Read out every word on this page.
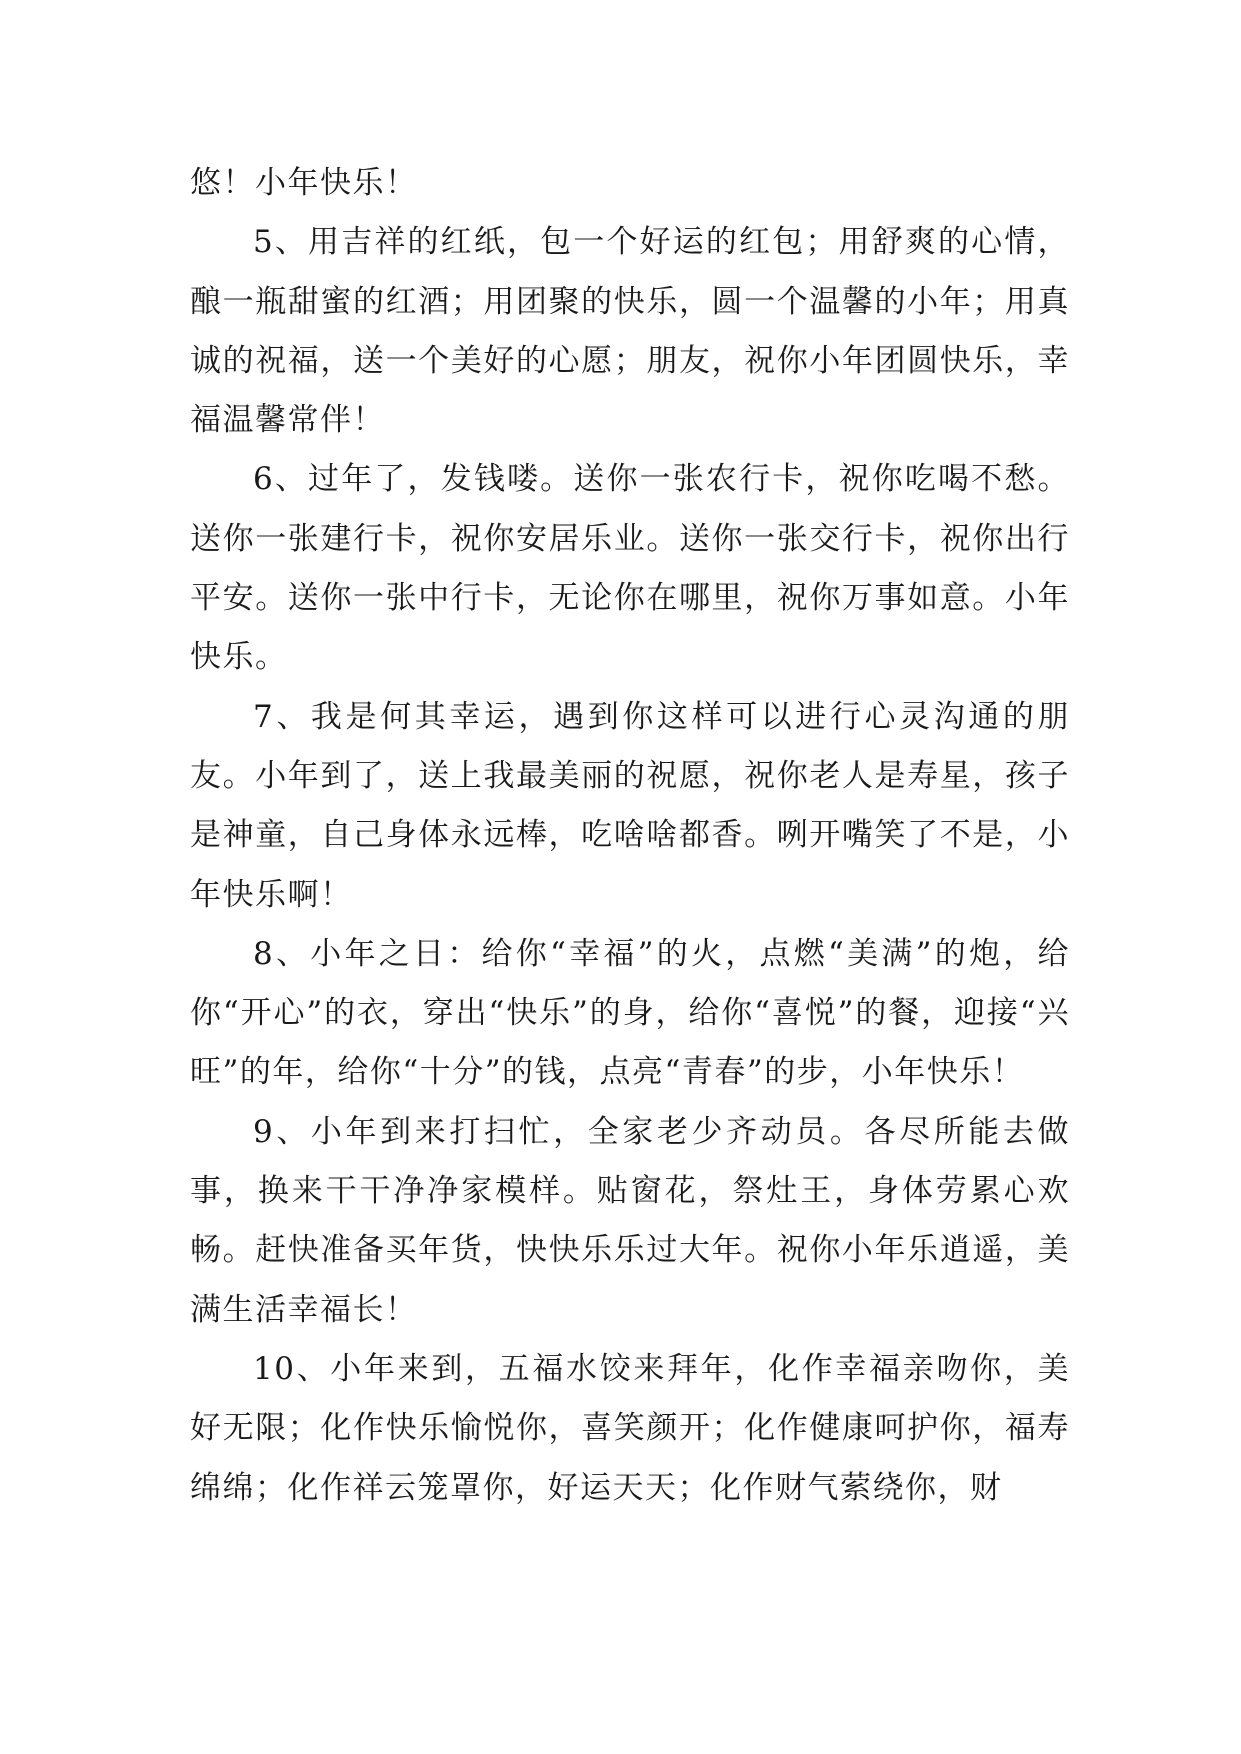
悠！小年快乐！

5、用吉祥的红纸，包一个好运的红包；用舒爽的心情，酿一瓶甜蜜的红酒；用团聚的快乐，圆一个温馨的小年；用真诚的祝福，送一个美好的心愿；朋友，祝你小年团圆快乐，幸福温馨常伴！

6、过年了，发钱喽。送你一张农行卡，祝你吃喝不愁。送你一张建行卡，祝你安居乐业。送你一张交行卡，祝你出行平安。送你一张中行卡，无论你在哪里，祝你万事如意。小年快乐。

7、我是何其幸运，遇到你这样可以进行心灵沟通的朋友。小年到了，送上我最美丽的祝愿，祝你老人是寿星，孩子是神童，自己身体永远棒，吃啥啥都香。咧开嘴笑了不是，小年快乐啊！

8、小年之日：给你“幸福”的火，点燃“美满”的炮，给你“开心”的衣，穿出“快乐”的身，给你“喜悦”的餐，迎接“兴旺”的年，给你“十分”的钱，点亮“青春”的步，小年快乐！

9、小年到来打扫忙，全家老少齐动员。各尽所能去做事，换来干干净净家模样。贴窗花，祭灶王，身体劳累心欢畅。赶快准备买年货，快快乐乐过大年。祝你小年乐逍遥，美满生活幸福长！

10、小年来到，五福水饺来拜年，化作幸福亲吻你，美好无限；化作快乐愉悦你，喜笑颜开；化作健康呵护你，福寿绵绵；化作祥云笼罩你，好运天天；化作财气萦绕你，财
